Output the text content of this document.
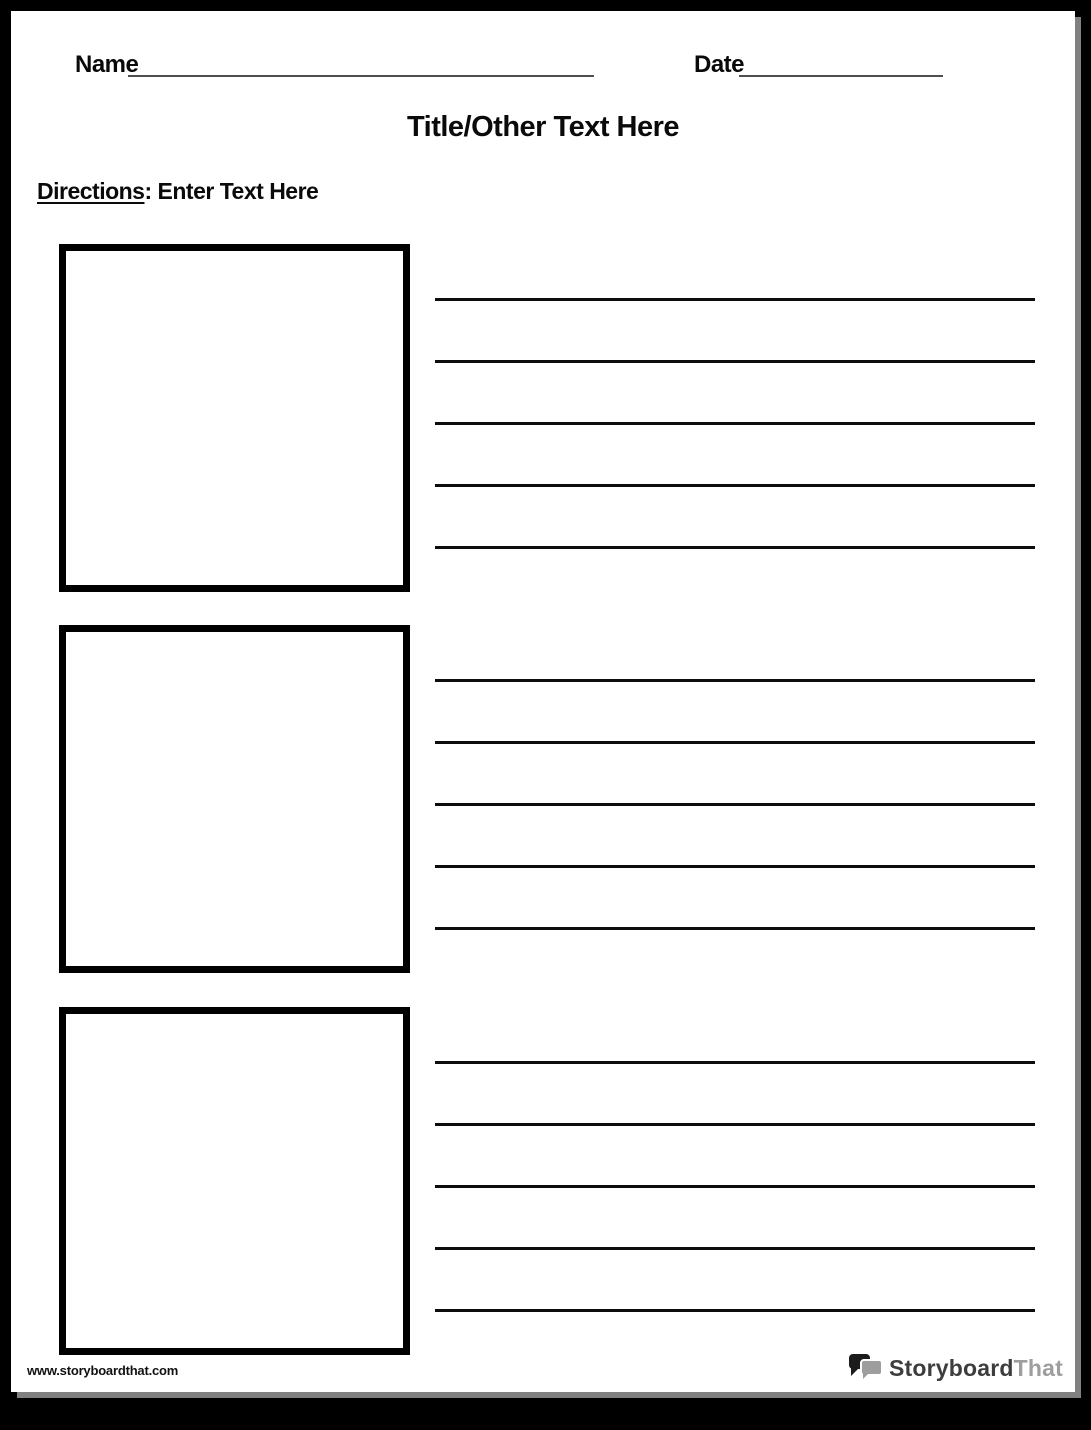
Name	Date
Title/Other Text Here
Directions: Enter Text Here
www.storyboardthat.com	StoryboardThat
